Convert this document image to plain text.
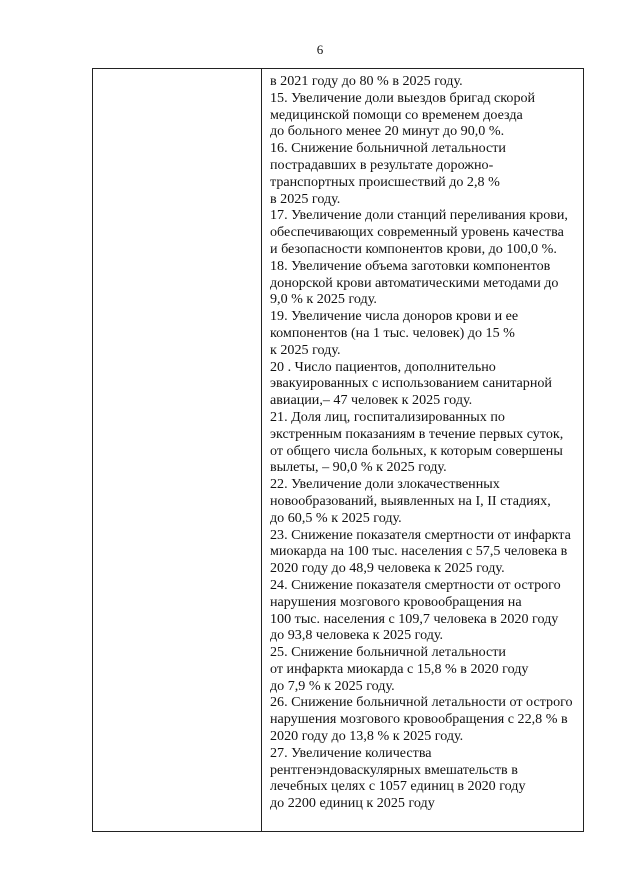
6
в 2021 году до 80 % в 2025 году.
15. Увеличение доли выездов бригад скорой
медицинской помощи со временем доезда
до больного менее 20 минут до 90,0 %.
16. Снижение больничной летальности
пострадавших в результате дорожно-
транспортных происшествий до 2,8 %
в 2025 году.
17. Увеличение доли станций переливания крови,
обеспечивающих современный уровень качества
и безопасности компонентов крови, до 100,0 %.
18. Увеличение объема заготовки компонентов
донорской крови автоматическими методами до
9,0 % к 2025 году.
19. Увеличение числа доноров крови и ее
компонентов (на 1 тыс. человек) до 15 %
к 2025 году.
20 . Число пациентов, дополнительно
эвакуированных с использованием санитарной
авиации,– 47 человек к 2025 году.
21. Доля лиц, госпитализированных по
экстренным показаниям в течение первых суток,
от общего числа больных, к которым совершены
вылеты, – 90,0 % к 2025 году.
22. Увеличение доли злокачественных
новообразований, выявленных на I, II стадиях,
до 60,5 % к 2025 году.
23. Снижение показателя смертности от инфаркта
миокарда на 100 тыс. населения с 57,5 человека в
2020 году до 48,9 человека к 2025 году.
24. Снижение показателя смертности от острого
нарушения мозгового кровообращения на
100 тыс. населения с 109,7 человека в 2020 году
до 93,8 человека к 2025 году.
25. Снижение больничной летальности
от инфаркта миокарда с 15,8 % в 2020 году
до 7,9 % к 2025 году.
26. Снижение больничной летальности от острого
нарушения мозгового кровообращения с 22,8 % в
2020 году до 13,8 % к 2025 году.
27. Увеличение количества
рентгенэндоваскулярных вмешательств в
лечебных целях с 1057 единиц в 2020 году
до 2200 единиц к 2025 году
